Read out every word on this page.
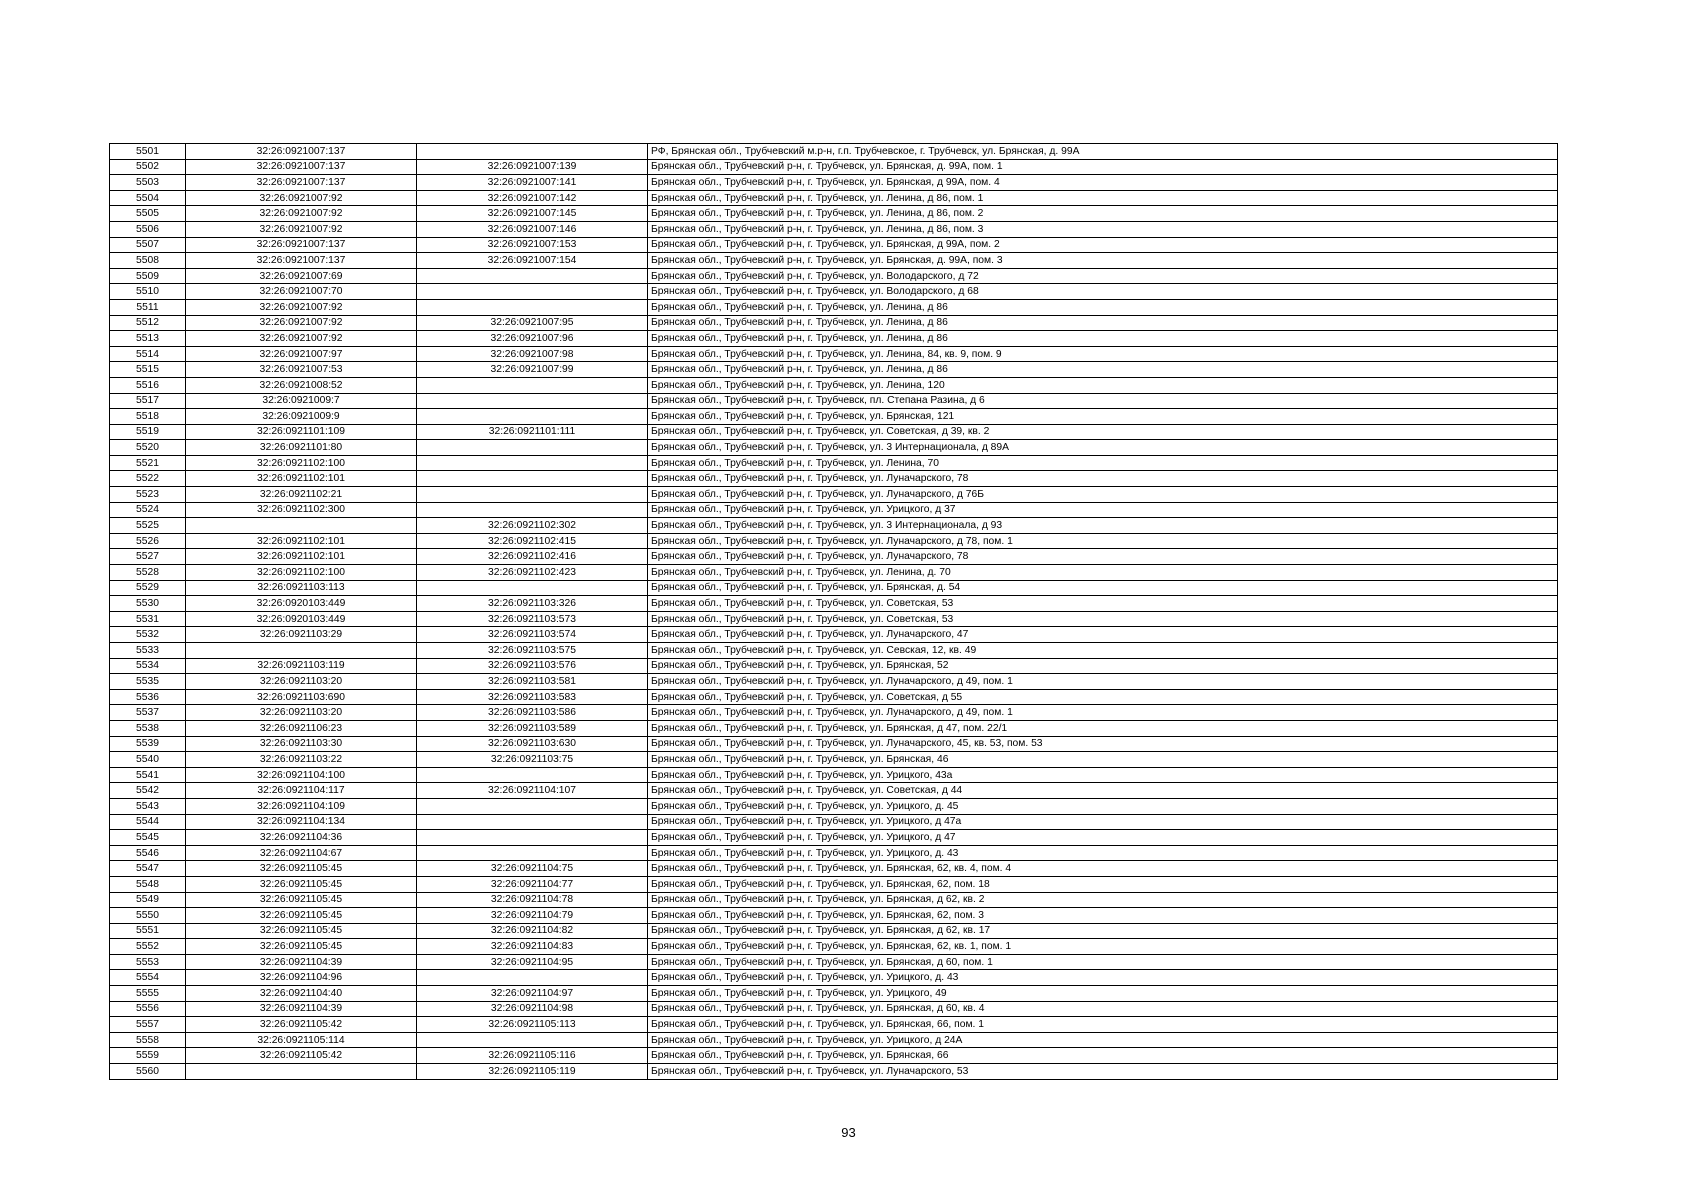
5501	32:26:0921007:137		РФ, Брянская обл., Трубчевский м.р-н, г.п. Трубчевское, г. Трубчевск, ул. Брянская, д. 99А
5502	32:26:0921007:137	32:26:0921007:139	Брянская обл., Трубчевский р-н, г. Трубчевск, ул. Брянская, д. 99А, пом. 1
5503	32:26:0921007:137	32:26:0921007:141	Брянская обл., Трубчевский р-н, г. Трубчевск, ул. Брянская, д 99А, пом. 4
5504	32:26:0921007:92	32:26:0921007:142	Брянская обл., Трубчевский р-н, г. Трубчевск, ул. Ленина, д 86, пом. 1
5505	32:26:0921007:92	32:26:0921007:145	Брянская обл., Трубчевский р-н, г. Трубчевск, ул. Ленина, д 86, пом. 2
5506	32:26:0921007:92	32:26:0921007:146	Брянская обл., Трубчевский р-н, г. Трубчевск, ул. Ленина, д 86, пом. 3
5507	32:26:0921007:137	32:26:0921007:153	Брянская обл., Трубчевский р-н, г. Трубчевск, ул. Брянская, д 99А, пом. 2
5508	32:26:0921007:137	32:26:0921007:154	Брянская обл., Трубчевский р-н, г. Трубчевск, ул. Брянская, д. 99А, пом. 3
5509	32:26:0921007:69		Брянская обл., Трубчевский р-н, г. Трубчевск, ул. Володарского, д 72
5510	32:26:0921007:70		Брянская обл., Трубчевский р-н, г. Трубчевск, ул. Володарского, д 68
5511	32:26:0921007:92		Брянская обл., Трубчевский р-н, г. Трубчевск, ул. Ленина, д 86
5512	32:26:0921007:92	32:26:0921007:95	Брянская обл., Трубчевский р-н, г. Трубчевск, ул. Ленина, д 86
5513	32:26:0921007:92	32:26:0921007:96	Брянская обл., Трубчевский р-н, г. Трубчевск, ул. Ленина, д 86
5514	32:26:0921007:97	32:26:0921007:98	Брянская обл., Трубчевский р-н, г. Трубчевск, ул. Ленина, 84, кв. 9, пом. 9
5515	32:26:0921007:53	32:26:0921007:99	Брянская обл., Трубчевский р-н, г. Трубчевск, ул. Ленина, д 86
5516	32:26:0921008:52		Брянская обл., Трубчевский р-н, г. Трубчевск, ул. Ленина, 120
5517	32:26:0921009:7		Брянская обл., Трубчевский р-н, г. Трубчевск, пл. Степана Разина, д 6
5518	32:26:0921009:9		Брянская обл., Трубчевский р-н, г. Трубчевск, ул. Брянская, 121
5519	32:26:0921101:109	32:26:0921101:111	Брянская обл., Трубчевский р-н, г. Трубчевск, ул. Советская, д 39, кв. 2
5520	32:26:0921101:80		Брянская обл., Трубчевский р-н, г. Трубчевск, ул. 3 Интернационала, д 89А
5521	32:26:0921102:100		Брянская обл., Трубчевский р-н, г. Трубчевск, ул. Ленина, 70
5522	32:26:0921102:101		Брянская обл., Трубчевский р-н, г. Трубчевск, ул. Луначарского, 78
5523	32:26:0921102:21		Брянская обл., Трубчевский р-н, г. Трубчевск, ул. Луначарского, д 76Б
5524	32:26:0921102:300		Брянская обл., Трубчевский р-н, г. Трубчевск, ул. Урицкого, д 37
5525		32:26:0921102:302	Брянская обл., Трубчевский р-н, г. Трубчевск, ул. 3 Интернационала, д 93
5526	32:26:0921102:101	32:26:0921102:415	Брянская обл., Трубчевский р-н, г. Трубчевск, ул. Луначарского, д 78, пом. 1
5527	32:26:0921102:101	32:26:0921102:416	Брянская обл., Трубчевский р-н, г. Трубчевск, ул. Луначарского, 78
5528	32:26:0921102:100	32:26:0921102:423	Брянская обл., Трубчевский р-н, г. Трубчевск, ул. Ленина, д. 70
5529	32:26:0921103:113		Брянская обл., Трубчевский р-н, г. Трубчевск, ул. Брянская, д. 54
5530	32:26:0920103:449	32:26:0921103:326	Брянская обл., Трубчевский р-н, г. Трубчевск, ул. Советская, 53
5531	32:26:0920103:449	32:26:0921103:573	Брянская обл., Трубчевский р-н, г. Трубчевск, ул. Советская, 53
5532	32:26:0921103:29	32:26:0921103:574	Брянская обл., Трубчевский р-н, г. Трубчевск, ул. Луначарского, 47
5533		32:26:0921103:575	Брянская обл., Трубчевский р-н, г. Трубчевск, ул. Севская, 12, кв. 49
5534	32:26:0921103:119	32:26:0921103:576	Брянская обл., Трубчевский р-н, г. Трубчевск, ул. Брянская, 52
5535	32:26:0921103:20	32:26:0921103:581	Брянская обл., Трубчевский р-н, г. Трубчевск, ул. Луначарского, д 49, пом. 1
5536	32:26:0921103:690	32:26:0921103:583	Брянская обл., Трубчевский р-н, г. Трубчевск, ул. Советская, д 55
5537	32:26:0921103:20	32:26:0921103:586	Брянская обл., Трубчевский р-н, г. Трубчевск, ул. Луначарского, д 49, пом. 1
5538	32:26:0921106:23	32:26:0921103:589	Брянская обл., Трубчевский р-н, г. Трубчевск, ул. Брянская, д 47, пом. 22/1
5539	32:26:0921103:30	32:26:0921103:630	Брянская обл., Трубчевский р-н, г. Трубчевск, ул. Луначарского, 45, кв. 53, пом. 53
5540	32:26:0921103:22	32:26:0921103:75	Брянская обл., Трубчевский р-н, г. Трубчевск, ул. Брянская, 46
5541	32:26:0921104:100		Брянская обл., Трубчевский р-н, г. Трубчевск, ул. Урицкого, 43а
5542	32:26:0921104:117	32:26:0921104:107	Брянская обл., Трубчевский р-н, г. Трубчевск, ул. Советская, д 44
5543	32:26:0921104:109		Брянская обл., Трубчевский р-н, г. Трубчевск, ул. Урицкого, д. 45
5544	32:26:0921104:134		Брянская обл., Трубчевский р-н, г. Трубчевск, ул. Урицкого, д 47а
5545	32:26:0921104:36		Брянская обл., Трубчевский р-н, г. Трубчевск, ул. Урицкого, д 47
5546	32:26:0921104:67		Брянская обл., Трубчевский р-н, г. Трубчевск, ул. Урицкого, д. 43
5547	32:26:0921105:45	32:26:0921104:75	Брянская обл., Трубчевский р-н, г. Трубчевск, ул. Брянская, 62, кв. 4, пом. 4
5548	32:26:0921105:45	32:26:0921104:77	Брянская обл., Трубчевский р-н, г. Трубчевск, ул. Брянская, 62, пом. 18
5549	32:26:0921105:45	32:26:0921104:78	Брянская обл., Трубчевский р-н, г. Трубчевск, ул. Брянская, д 62, кв. 2
5550	32:26:0921105:45	32:26:0921104:79	Брянская обл., Трубчевский р-н, г. Трубчевск, ул. Брянская, 62, пом. 3
5551	32:26:0921105:45	32:26:0921104:82	Брянская обл., Трубчевский р-н, г. Трубчевск, ул. Брянская, д 62, кв. 17
5552	32:26:0921105:45	32:26:0921104:83	Брянская обл., Трубчевский р-н, г. Трубчевск, ул. Брянская, 62, кв. 1, пом. 1
5553	32:26:0921104:39	32:26:0921104:95	Брянская обл., Трубчевский р-н, г. Трубчевск, ул. Брянская, д 60, пом. 1
5554	32:26:0921104:96		Брянская обл., Трубчевский р-н, г. Трубчевск, ул. Урицкого, д. 43
5555	32:26:0921104:40	32:26:0921104:97	Брянская обл., Трубчевский р-н, г. Трубчевск, ул. Урицкого, 49
5556	32:26:0921104:39	32:26:0921104:98	Брянская обл., Трубчевский р-н, г. Трубчевск, ул. Брянская, д 60, кв. 4
5557	32:26:0921105:42	32:26:0921105:113	Брянская обл., Трубчевский р-н, г. Трубчевск, ул. Брянская, 66, пом. 1
5558	32:26:0921105:114		Брянская обл., Трубчевский р-н, г. Трубчевск, ул. Урицкого, д 24А
5559	32:26:0921105:42	32:26:0921105:116	Брянская обл., Трубчевский р-н, г. Трубчевск, ул. Брянская, 66
5560		32:26:0921105:119	Брянская обл., Трубчевский р-н, г. Трубчевск, ул. Луначарского, 53
93
